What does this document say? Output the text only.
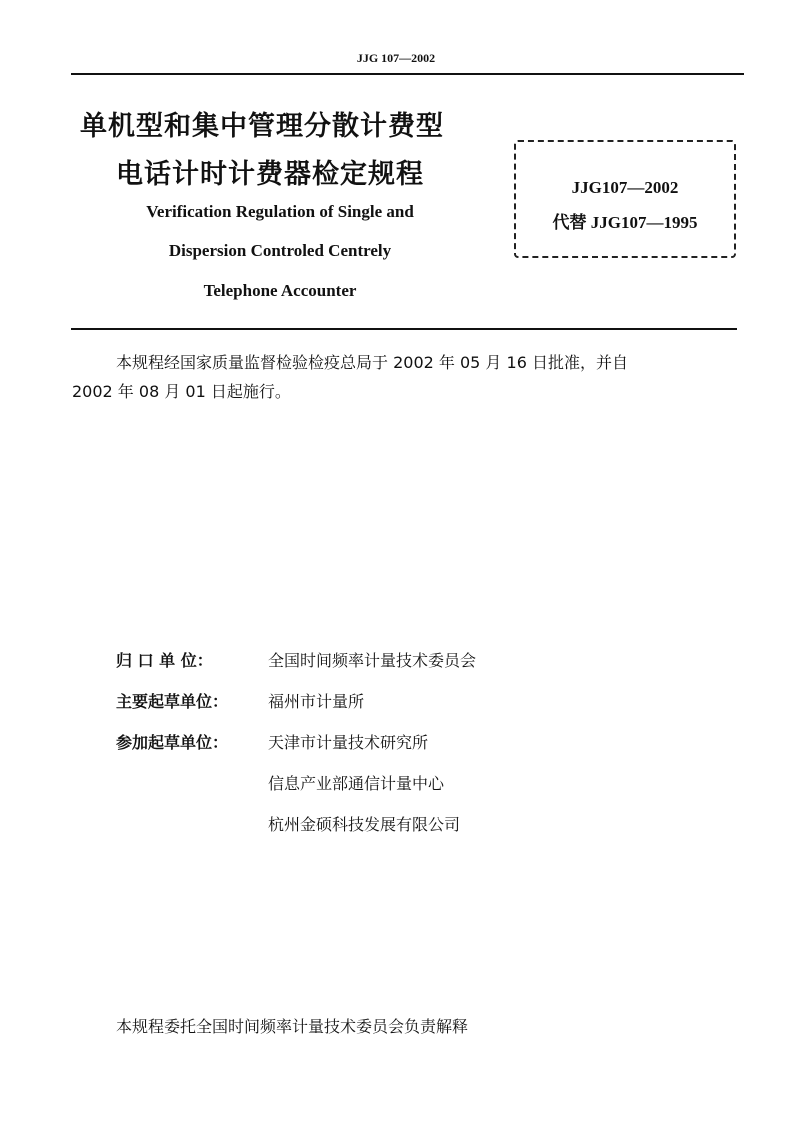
JJG 107—2002
单机型和集中管理分散计费型
电话计时计费器检定规程
Verification Regulation of Single and
Dispersion Controled Centrely
Telephone Accounter
JJG107—2002
代替 JJG107—1995
本规程经国家质量监督检验检疫总局于 2002 年 05 月 16 日批准，并自
2002 年 08 月 01 日起施行。
归 口 单 位：	全国时间频率计量技术委员会
主要起草单位： 福州市计量所
参加起草单位： 天津市计量技术研究所
信息产业部通信计量中心
杭州金硕科技发展有限公司
本规程委托全国时间频率计量技术委员会负责解释
